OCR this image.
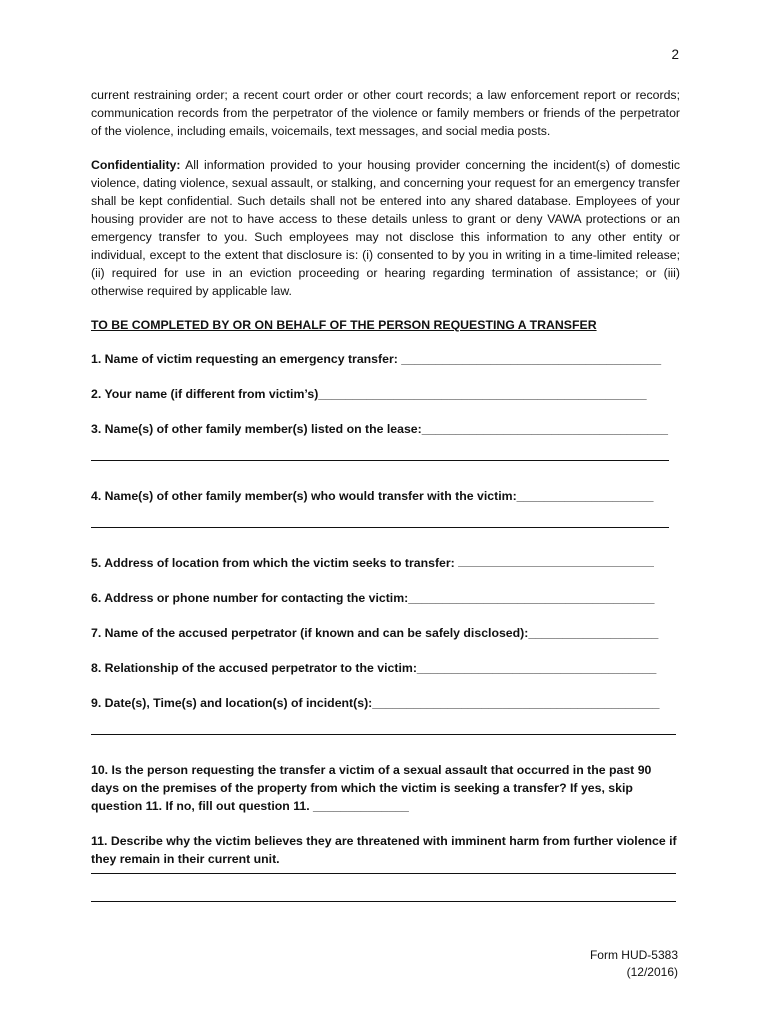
2

current restraining order; a recent court order or other court records; a law enforcement report or records; communication records from the perpetrator of the violence or family members or friends of the perpetrator of the violence, including emails, voicemails, text messages, and social media posts.

Confidentiality: All information provided to your housing provider concerning the incident(s) of domestic violence, dating violence, sexual assault, or stalking, and concerning your request for an emergency transfer shall be kept confidential. Such details shall not be entered into any shared database. Employees of your housing provider are not to have access to these details unless to grant or deny VAWA protections or an emergency transfer to you. Such employees may not disclose this information to any other entity or individual, except to the extent that disclosure is: (i) consented to by you in writing in a time-limited release; (ii) required for use in an eviction proceeding or hearing regarding termination of assistance; or (iii) otherwise required by applicable law.

TO BE COMPLETED BY OR ON BEHALF OF THE PERSON REQUESTING A TRANSFER
1. Name of victim requesting an emergency transfer: ______________________________________
2. Your name (if different from victim’s)________________________________________________
3. Name(s) of other family member(s) listed on the lease:____________________________________
4. Name(s) of other family member(s) who would transfer with the victim:____________________
5. Address of location from which the victim seeks to transfer:
6. Address or phone number for contacting the victim:____________________________________
7. Name of the accused perpetrator (if known and can be safely disclosed):___________________
8. Relationship of the accused perpetrator to the victim:___________________________________
9. Date(s), Time(s) and location(s) of incident(s):__________________________________________
10. Is the person requesting the transfer a victim of a sexual assault that occurred in the past 90 days on the premises of the property from which the victim is seeking a transfer? If yes, skip question 11. If no, fill out question 11. ______________
11. Describe why the victim believes they are threatened with imminent harm from further violence if they remain in their current unit.
Form HUD-5383
(12/2016)
